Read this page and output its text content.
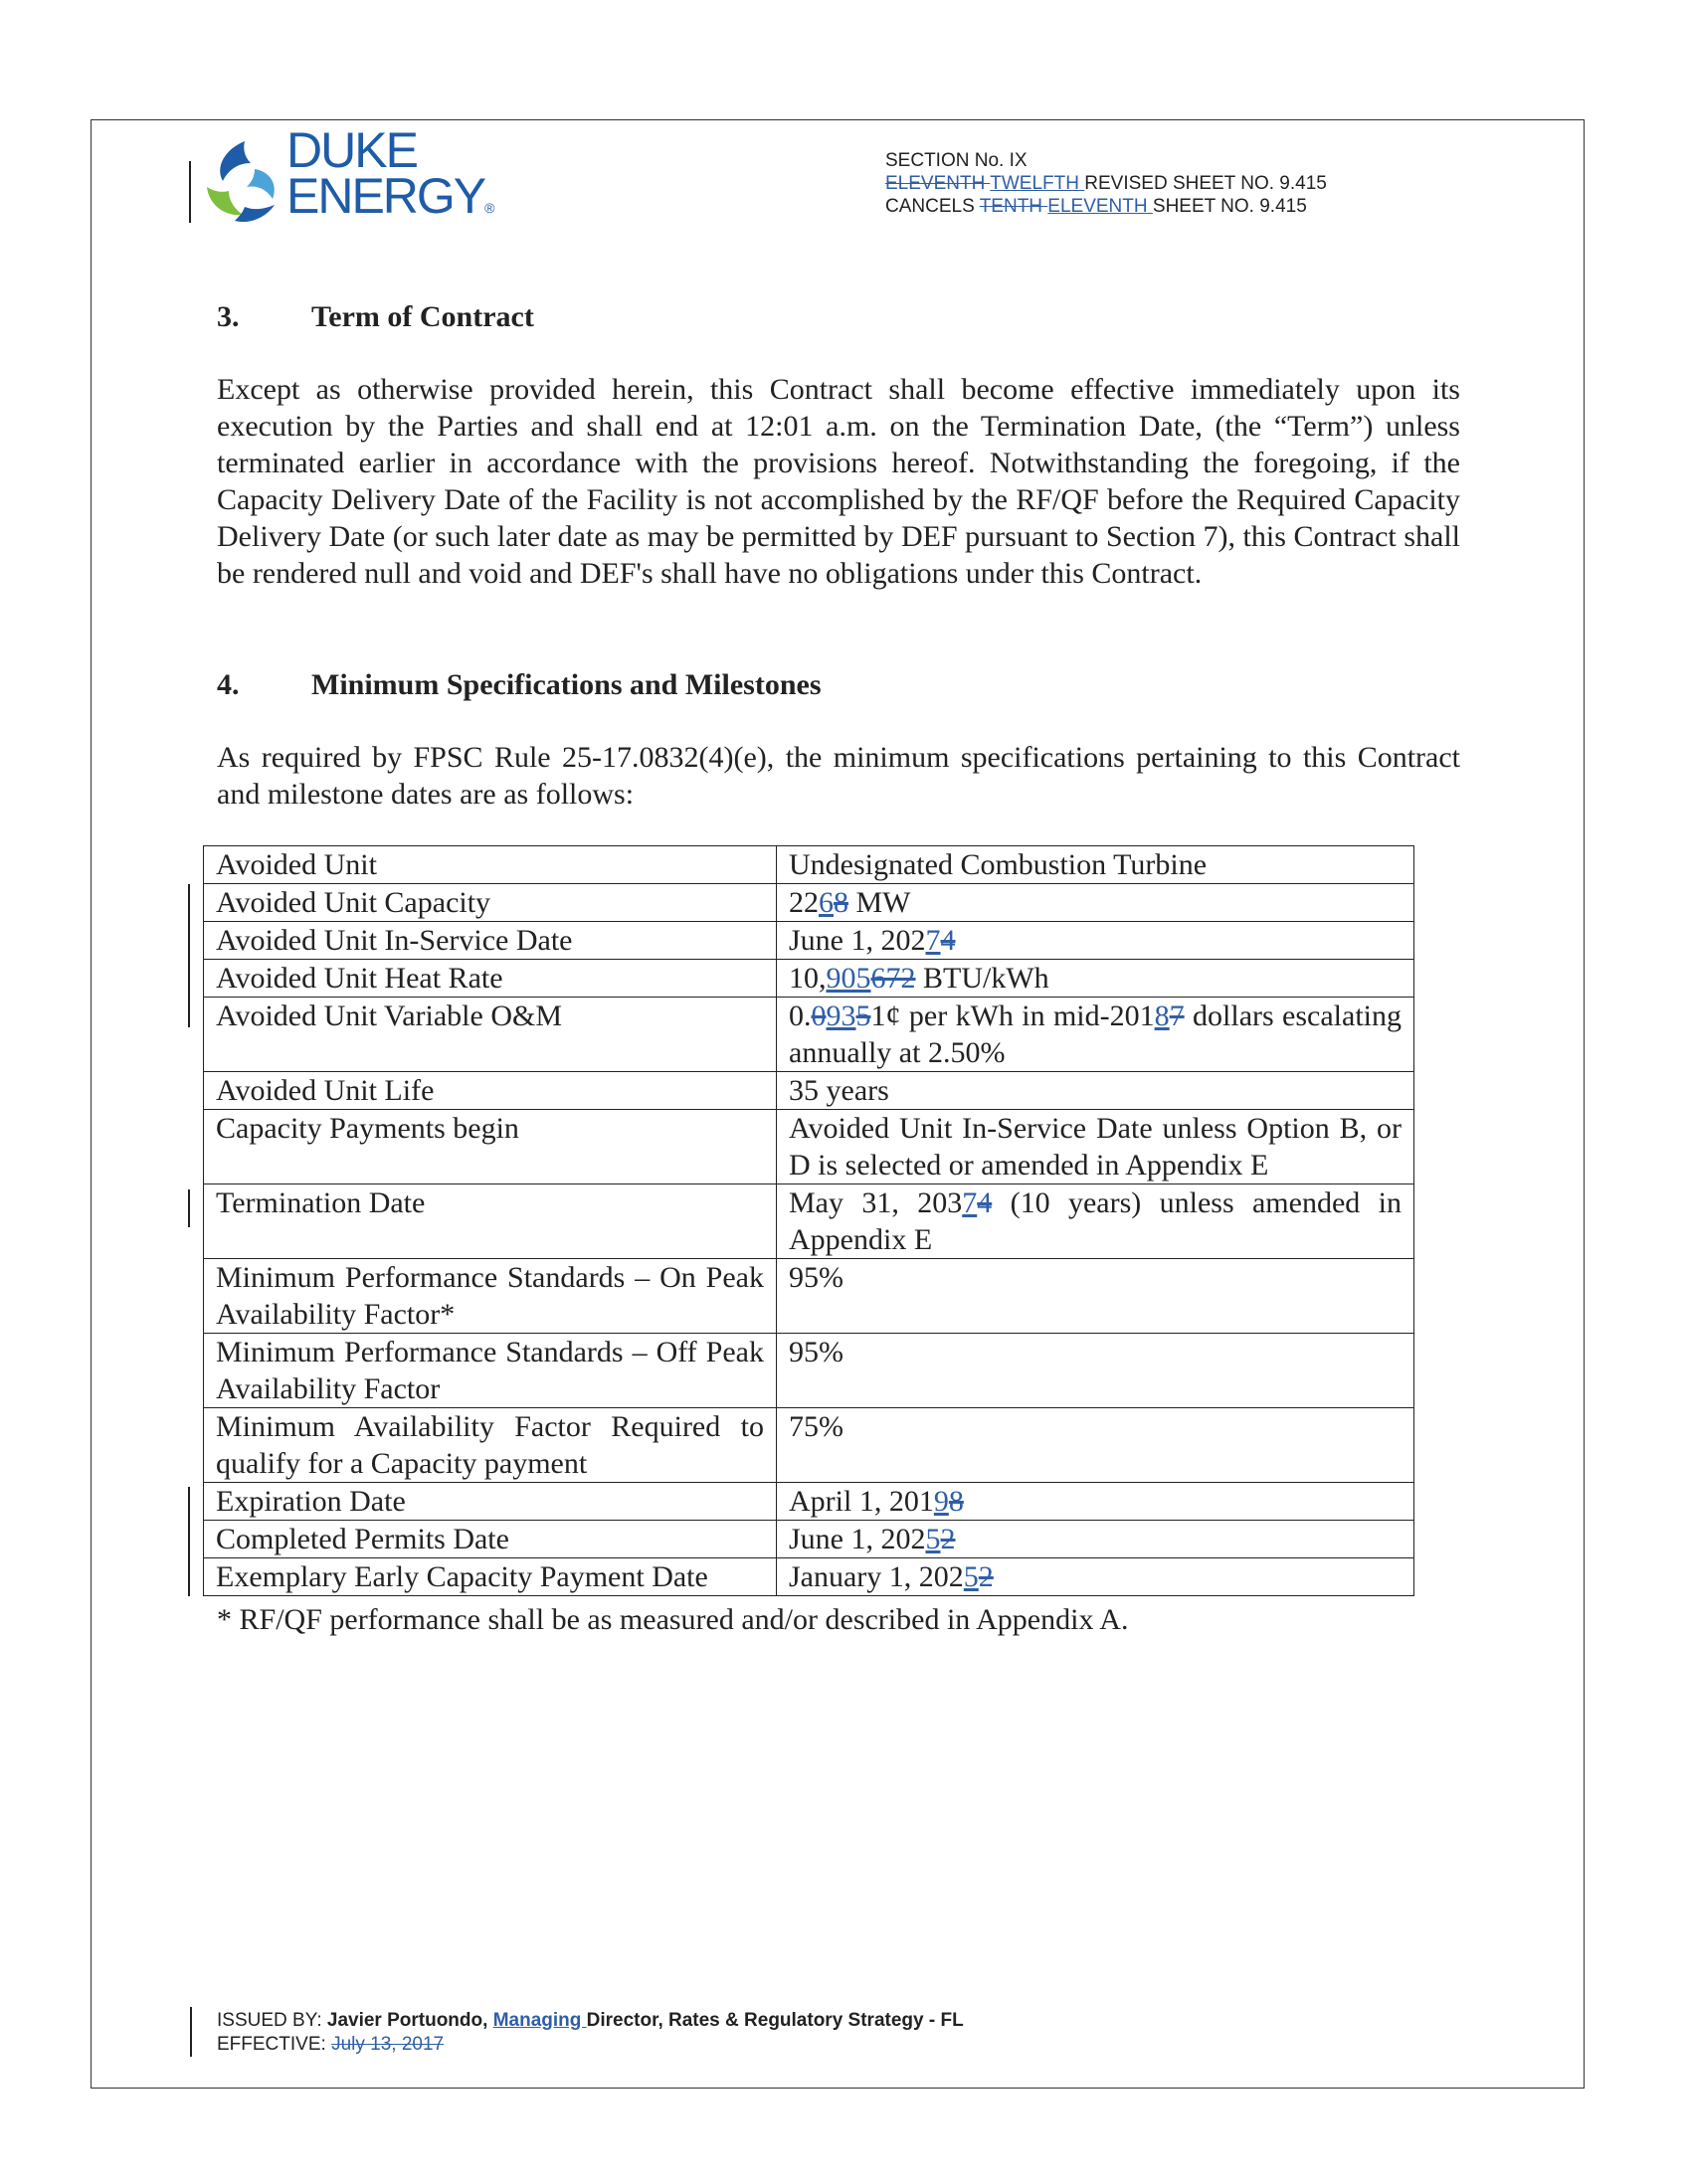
DUKE
ENERGY®
SECTION No. IX
ELEVENTH TWELFTH REVISED SHEET NO. 9.415
CANCELS TENTH ELEVENTH SHEET NO. 9.415
3. Term of Contract

Except as otherwise provided herein, this Contract shall become effective immediately upon its execution by the Parties and shall end at 12:01 a.m. on the Termination Date, (the “Term”) unless terminated earlier in accordance with the provisions hereof. Notwithstanding the foregoing, if the Capacity Delivery Date of the Facility is not accomplished by the RF/QF before the Required Capacity Delivery Date (or such later date as may be permitted by DEF pursuant to Section 7), this Contract shall be rendered null and void and DEF's shall have no obligations under this Contract.

4. Minimum Specifications and Milestones

As required by FPSC Rule 25-17.0832(4)(e), the minimum specifications pertaining to this Contract and milestone dates are as follows:

Avoided Unit	Undesignated Combustion Turbine
Avoided Unit Capacity	2268 MW
Avoided Unit In-Service Date	June 1, 20274
Avoided Unit Heat Rate	10,905672 BTU/kWh
Avoided Unit Variable O&M	0.09351¢ per kWh in mid-20187 dollars escalating annually at 2.50%
Avoided Unit Life	35 years
Capacity Payments begin	Avoided Unit In-Service Date unless Option B, or D is selected or amended in Appendix E
Termination Date	May 31, 20374 (10 years) unless amended in Appendix E
Minimum Performance Standards – On Peak Availability Factor*	95%
Minimum Performance Standards – Off Peak Availability Factor	95%
Minimum Availability Factor Required to qualify for a Capacity payment	75%
Expiration Date	April 1, 20198
Completed Permits Date	June 1, 20252
Exemplary Early Capacity Payment Date	January 1, 20252
* RF/QF performance shall be as measured and/or described in Appendix A.
ISSUED BY: Javier Portuondo, Managing Director, Rates & Regulatory Strategy - FL
EFFECTIVE: July 13, 2017
